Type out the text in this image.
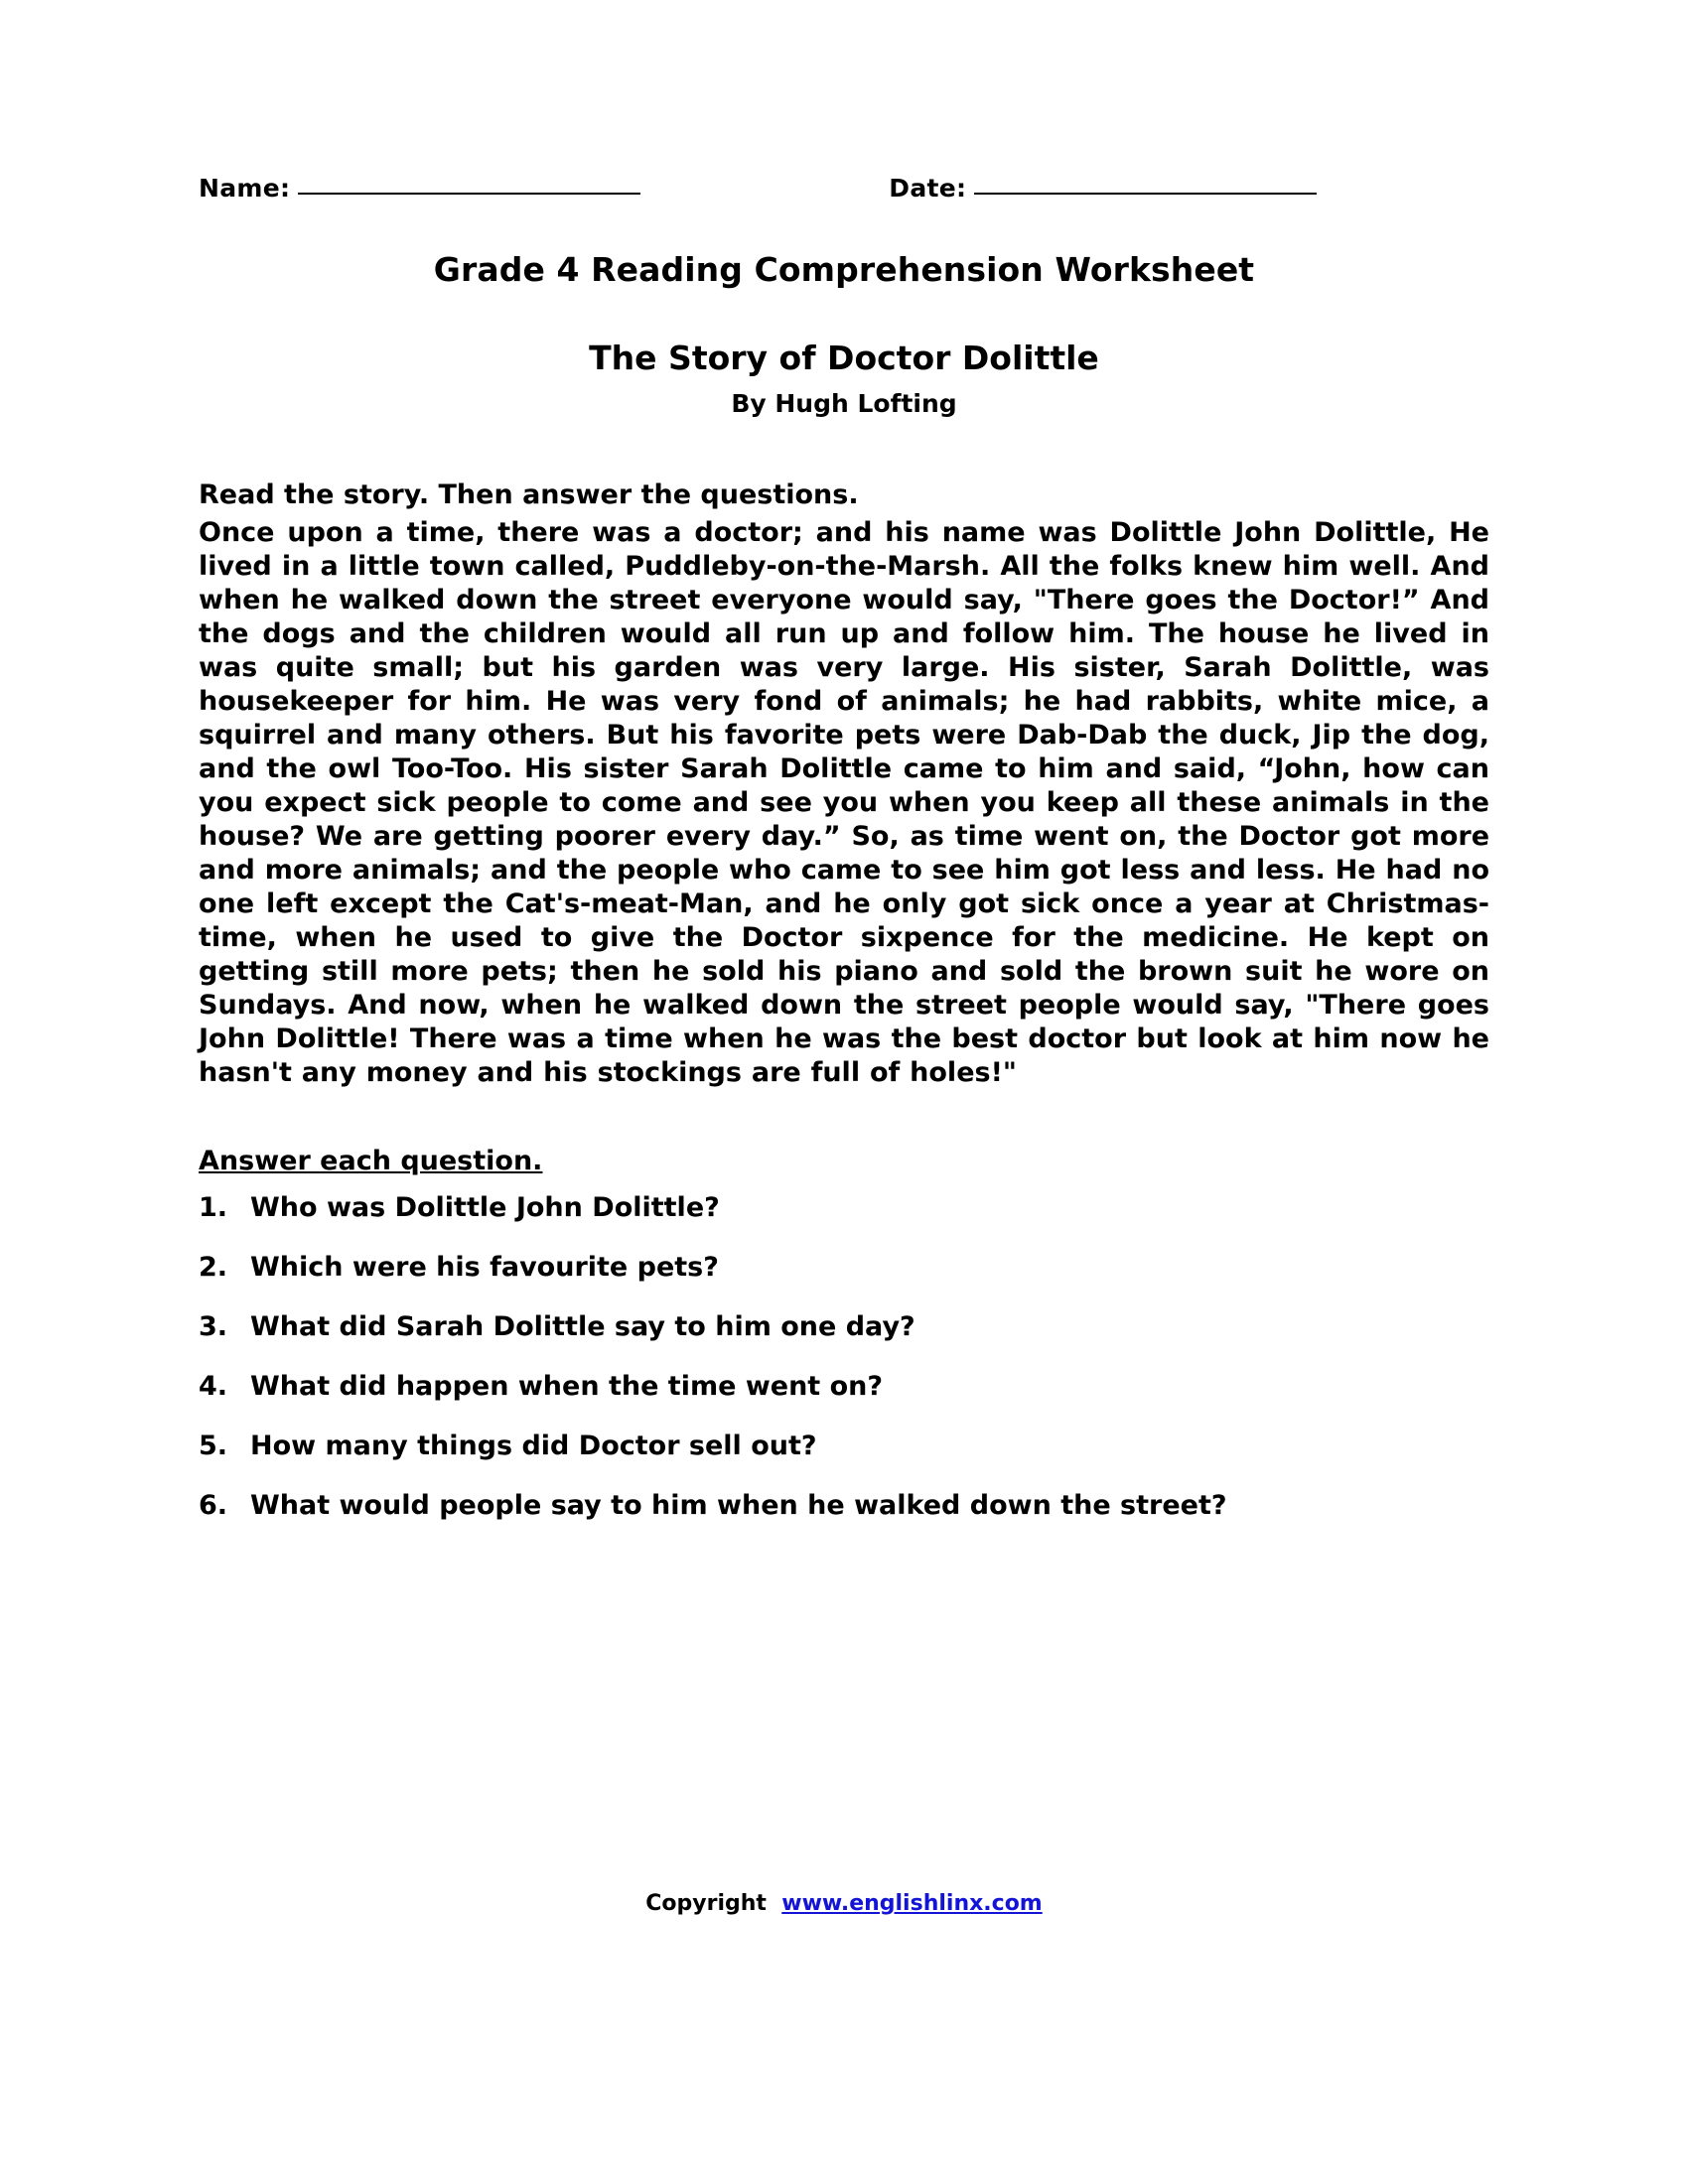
Name:	Date:
Grade 4 Reading Comprehension Worksheet
The Story of Doctor Dolittle
By Hugh Lofting
Read the story. Then answer the questions.

Once upon a time, there was a doctor; and his name was Dolittle John Dolittle, He lived in a little town called, Puddleby-on-the-Marsh. All the folks knew him well. And when he walked down the street everyone would say, "There goes the Doctor!” And the dogs and the children would all run up and follow him. The house he lived in was quite small; but his garden was very large. His sister, Sarah Dolittle, was housekeeper for him. He was very fond of animals; he had rabbits, white mice, a squirrel and many others. But his favorite pets were Dab-Dab the duck, Jip the dog, and the owl Too-Too. His sister Sarah Dolittle came to him and said, “John, how can you expect sick people to come and see you when you keep all these animals in the house? We are getting poorer every day.” So, as time went on, the Doctor got more and more animals; and the people who came to see him got less and less. He had no one left except the Cat's-meat-Man, and he only got sick once a year at Christmas-time, when he used to give the Doctor sixpence for the medicine. He kept on getting still more pets; then he sold his piano and sold the brown suit he wore on Sundays. And now, when he walked down the street people would say, "There goes John Dolittle! There was a time when he was the best doctor but look at him now he hasn't any money and his stockings are full of holes!"

Answer each question.
1. Who was Dolittle John Dolittle?
2. Which were his favourite pets?
3. What did Sarah Dolittle say to him one day?
4. What did happen when the time went on?
5. How many things did Doctor sell out?
6. What would people say to him when he walked down the street?
Copyright www.englishlinx.com
